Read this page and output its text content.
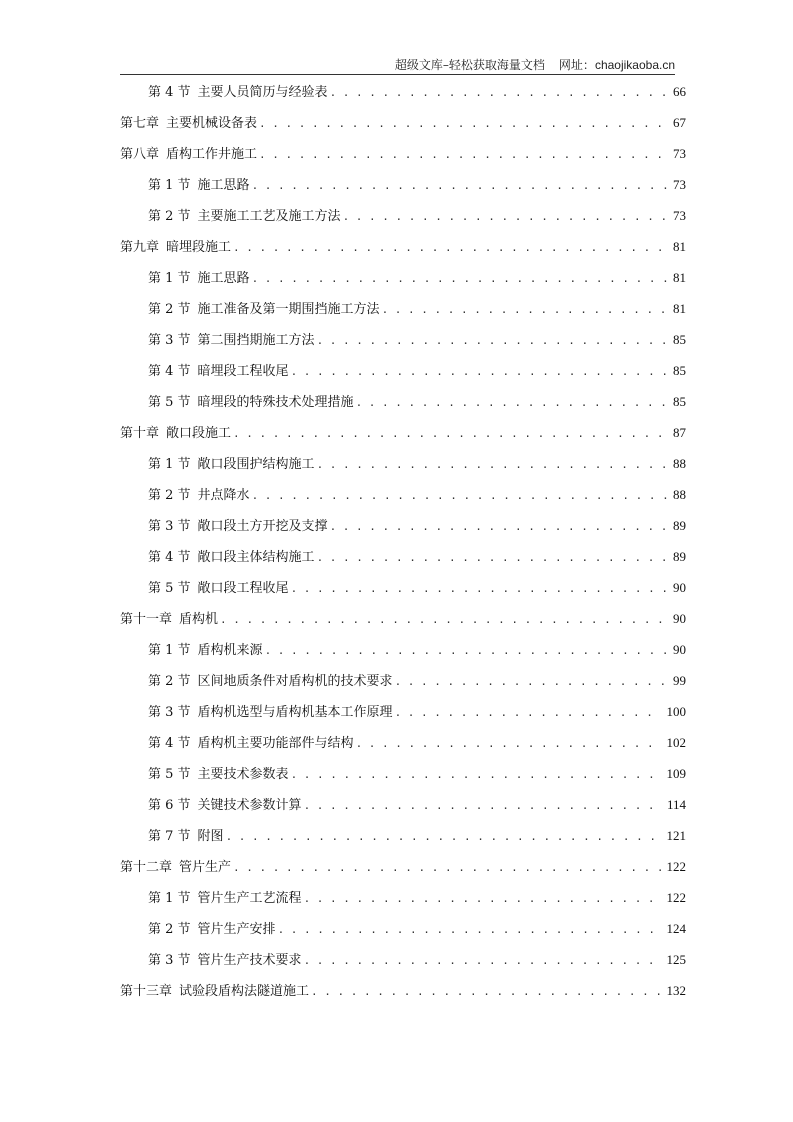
超级文库–轻松获取海量文档 网址：chaojikaoba.cn
第 4 节 主要人员简历与经验表 . . .	66
第七章 主要机械设备表 . . .	67
第八章 盾构工作井施工 . . .	73
第 1 节 施工思路 . . .	73
第 2 节 主要施工工艺及施工方法 . . .	73
第九章 暗埋段施工 . . .	81
第 1 节 施工思路 . . .	81
第 2 节 施工准备及第一期围挡施工方法 . . .	81
第 3 节 第二围挡期施工方法 . . .	85
第 4 节 暗埋段工程收尾 . . .	85
第 5 节 暗埋段的特殊技术处理措施 . . .	85
第十章 敞口段施工 . . .	87
第 1 节 敞口段围护结构施工 . . .	88
第 2 节 井点降水 . . .	88
第 3 节 敞口段土方开挖及支撑 . . .	89
第 4 节 敞口段主体结构施工 . . .	89
第 5 节 敞口段工程收尾 . . .	90
第十一章 盾构机 . . .	90
第 1 节 盾构机来源 . . .	90
第 2 节 区间地质条件对盾构机的技术要求 . . .	99
第 3 节 盾构机选型与盾构机基本工作原理 . . .	100
第 4 节 盾构机主要功能部件与结构 . . .	102
第 5 节 主要技术参数表 . . .	109
第 6 节 关键技术参数计算 . . .	114
第 7 节 附图 . . .	121
第十二章 管片生产 . . .	122
第 1 节 管片生产工艺流程 . . .	122
第 2 节 管片生产安排 . . .	124
第 3 节 管片生产技术要求 . . .	125
第十三章 试验段盾构法隧道施工 . . .	132
